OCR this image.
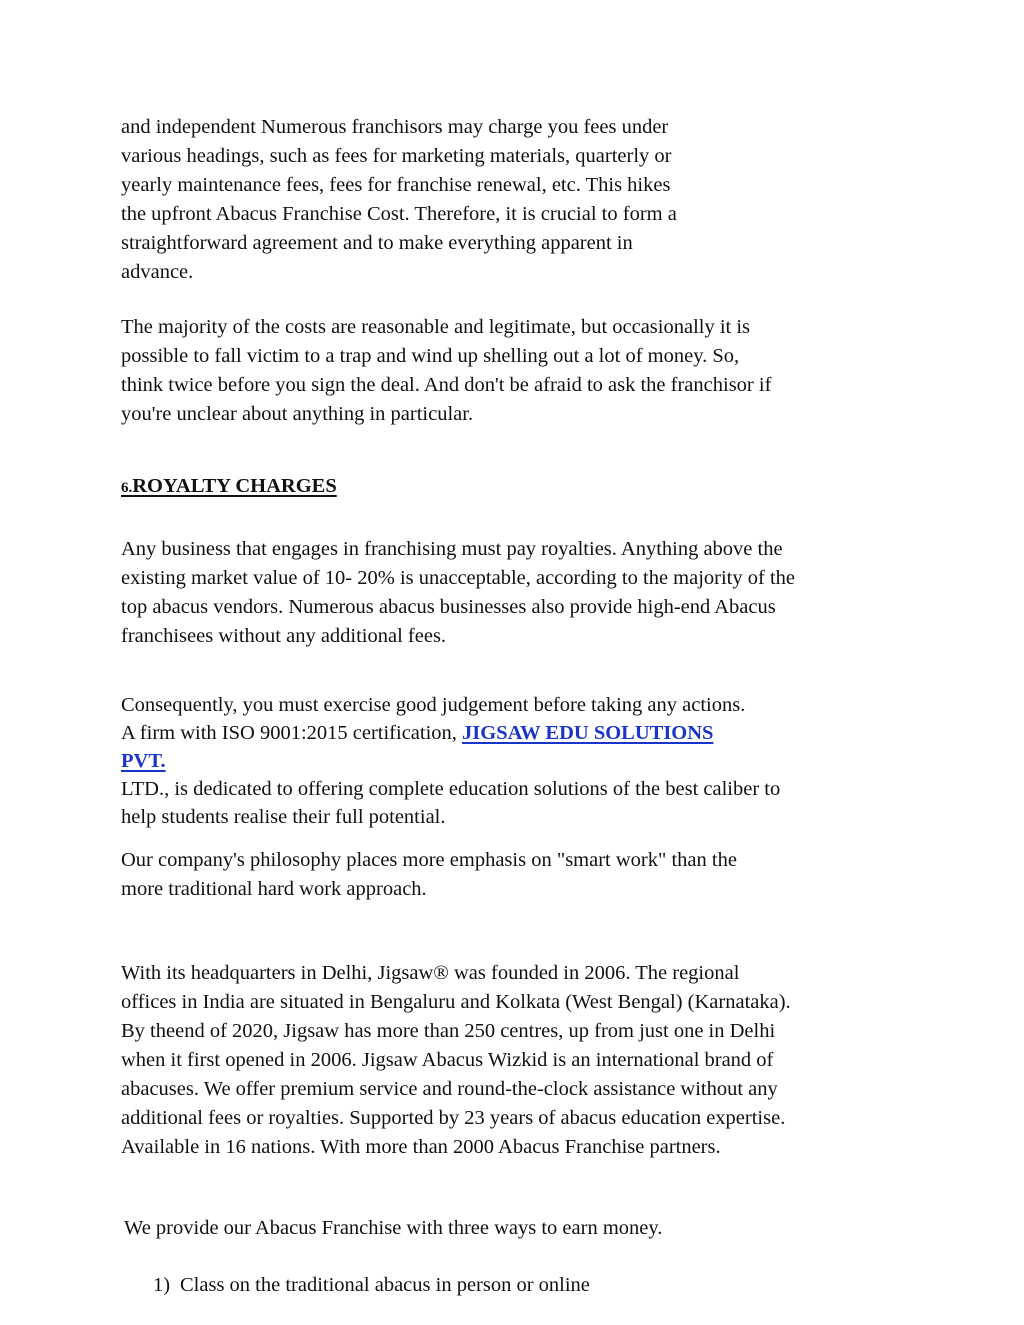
and independent Numerous franchisors may charge you fees under
various headings, such as fees for marketing materials, quarterly or
yearly maintenance fees, fees for franchise renewal, etc. This hikes
the upfront Abacus Franchise Cost. Therefore, it is crucial to form a
straightforward agreement and to make everything apparent in
advance.
The majority of the costs are reasonable and legitimate, but occasionally it is
possible to fall victim to a trap and wind up shelling out a lot of money. So,
think twice before you sign the deal. And don't be afraid to ask the franchisor if
you're unclear about anything in particular.
6.ROYALTY CHARGES
Any business that engages in franchising must pay royalties. Anything above the
existing market value of 10- 20% is unacceptable, according to the majority of the
top abacus vendors. Numerous abacus businesses also provide high-end Abacus
franchisees without any additional fees.
Consequently, you must exercise good judgement before taking any actions.
A firm with ISO 9001:2015 certification, JIGSAW EDU SOLUTIONS
PVT.
LTD., is dedicated to offering complete education solutions of the best caliber to
help students realise their full potential.
Our company's philosophy places more emphasis on "smart work" than the
more traditional hard work approach.
With its headquarters in Delhi, Jigsaw® was founded in 2006. The regional
offices in India are situated in Bengaluru and Kolkata (West Bengal) (Karnataka).
By theend of 2020, Jigsaw has more than 250 centres, up from just one in Delhi
when it first opened in 2006. Jigsaw Abacus Wizkid is an international brand of
abacuses. We offer premium service and round-the-clock assistance without any
additional fees or royalties. Supported by 23 years of abacus education expertise.
Available in 16 nations. With more than 2000 Abacus Franchise partners.
We provide our Abacus Franchise with three ways to earn money.
1) Class on the traditional abacus in person or online
